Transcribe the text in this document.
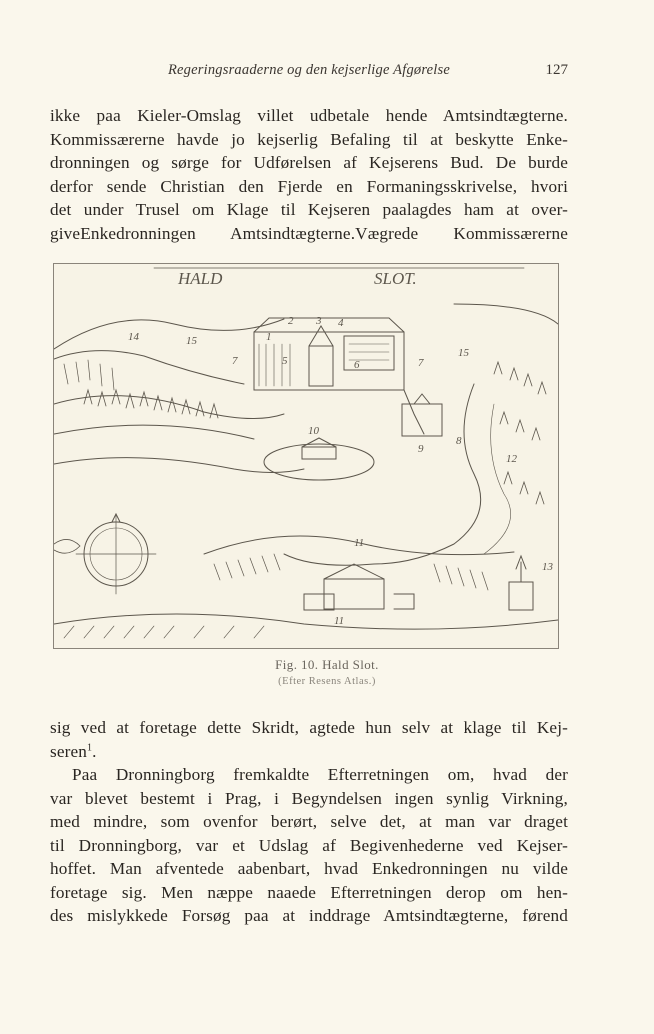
Regeringsraaderne og den kejserlige Afgørelse	127
ikke paa Kieler-Omslag villet udbetale hende Amtsindtægterne.
Kommissærerne havde jo kejserlig Befaling til at beskytte Enke-
dronningen og sørge for Udførelsen af Kejserens Bud. De burde
derfor sende Christian den Fjerde en Formaningsskrivelse, hvori
det under Trusel om Klage til Kejseren paalagdes ham at over-
giveEnkedronningen Amtsindtægterne.Vægrede Kommissærerne
1
2 3 4
5	6
7	7
8
9
10
11
11
12
13
14	15
15
HALD	SLOT.
Fig. 10. Hald Slot.
(Efter Resens Atlas.)
sig ved at foretage dette Skridt, agtede hun selv at klage til Kej-
seren$^1$.
Paa Dronningborg fremkaldte Efterretningen om, hvad der
var blevet bestemt i Prag, i Begyndelsen ingen synlig Virkning,
med mindre, som ovenfor berørt, selve det, at man var draget
til Dronningborg, var et Udslag af Begivenhederne ved Kejser-
hoffet. Man afventede aabenbart, hvad Enkedronningen nu vilde
foretage sig. Men næppe naaede Efterretningen derop om hen-
des mislykkede Forsøg paa at inddrage Amtsindtægterne, førend
